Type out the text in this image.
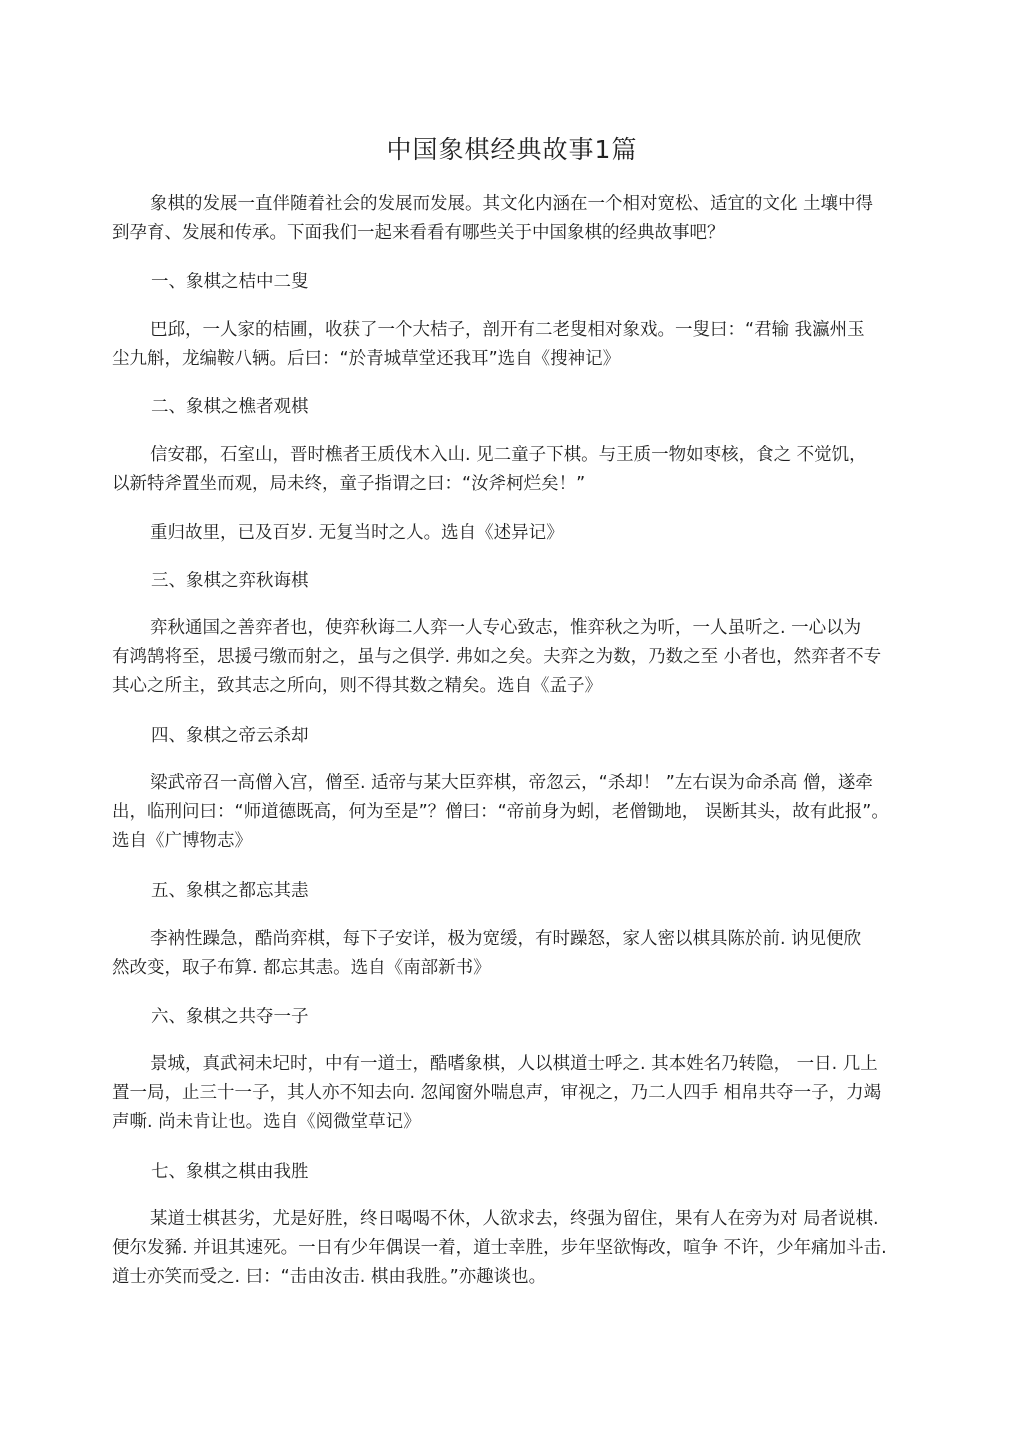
中国象棋经典故事1篇
象棋的发展一直伴随着社会的发展而发展。其文化内涵在一个相对宽松、适宜的文化 土壤中得
到孕育、发展和传承。下面我们一起来看看有哪些关于中国象棋的经典故事吧？
一、象棋之桔中二叟
巴邱，一人家的桔圃，收获了一个大桔子，剖开有二老叟相对象戏。一叟曰：“君输 我瀛州玉
尘九斛，龙编鞍八辆。后曰：“於青城草堂还我耳”选自《搜神记》
二、象棋之樵者观棋
信安郡，石室山，晋时樵者王质伐木入山. 见二童子下棋。与王质一物如枣核，食之 不觉饥，
以新特斧置坐而观，局未终，童子指谓之曰：“汝斧柯烂矣！”
重归故里，已及百岁. 无复当时之人。选自《述异记》
三、象棋之弈秋诲棋
弈秋通国之善弈者也，使弈秋诲二人弈一人专心致志，惟弈秋之为听，一人虽听之. 一心以为
有鸿鹄将至，思援弓缴而射之，虽与之俱学. 弗如之矣。夫弈之为数，乃数之至 小者也，然弈者不专
其心之所主，致其志之所向，则不得其数之精矣。选自《孟子》
四、象棋之帝云杀却
梁武帝召一高僧入宫，僧至. 适帝与某大臣弈棋，帝忽云，“杀却！ ”左右误为命杀高 僧，遂牵
出，临刑问曰：“师道德既高，何为至是”？僧曰：“帝前身为蚓，老僧锄地， 误断其头，故有此报”。
选自《广博物志》
五、象棋之都忘其恚
李衲性躁急，酷尚弈棋，每下子安详，极为宽缓，有时躁怒，家人密以棋具陈於前. 讷见便欣
然改变，取子布算. 都忘其恚。选自《南部新书》
六、象棋之共夺一子
景城，真武祠未圮时，中有一道士，酷嗜象棋，人以棋道士呼之. 其本姓名乃转隐， 一日. 几上
置一局，止三十一子，其人亦不知去向. 忽闻窗外喘息声，审视之，乃二人四手 相帛共夺一子，力竭
声嘶. 尚未肯让也。选自《阅微堂草记》
七、象棋之棋由我胜
某道士棋甚劣，尤是好胜，终日喝喝不休，人欲求去，终强为留住，果有人在旁为对 局者说棋.
便尔发豨. 并诅其速死。一日有少年偶误一着，道士幸胜，步年坚欲悔改，喧争 不许，少年痛加斗击.
道士亦笑而受之. 曰：“击由汝击. 棋由我胜。”亦趣谈也。
